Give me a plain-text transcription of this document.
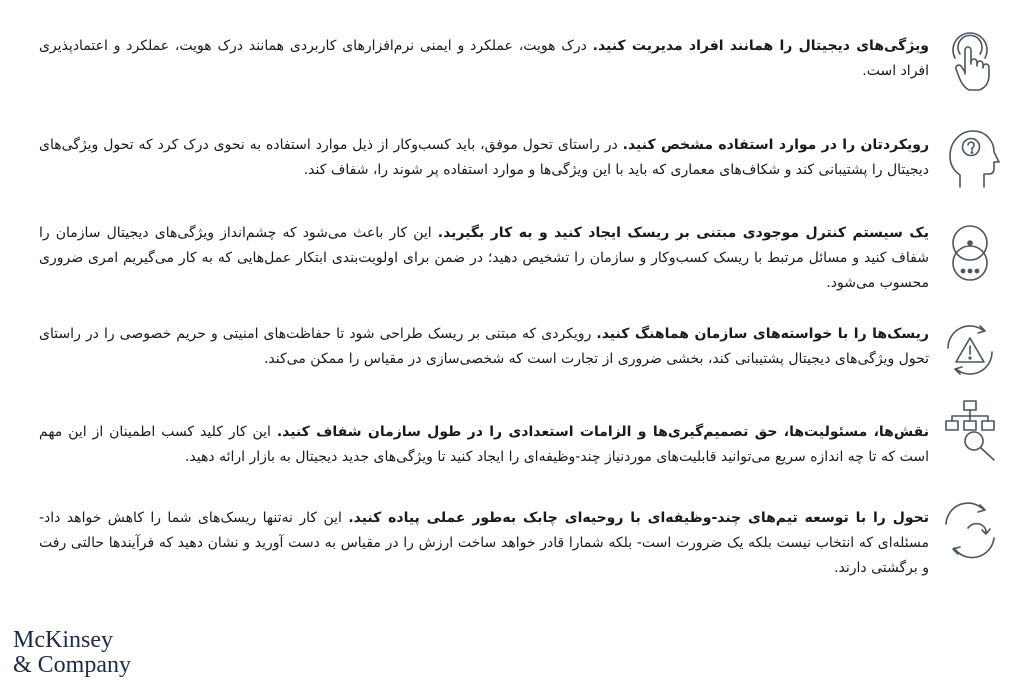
ویژگی‌های دیجیتال را همانند افراد مدیریت کنید. درک هویت، عملکرد و ایمنی نرم‌افزارهای کاربردی همانند درک هویت، عملکرد و اعتمادپذیری افراد است.
رویکردتان را در موارد استفاده مشخص کنید. در راستای تحول موفق، باید کسب‌وکار از ذیل موارد استفاده به نحوی درک کرد که تحول ویژگی‌های دیجیتال را پشتیبانی کند و شکاف‌های معماری که باید با این ویژگی‌ها و موارد استفاده پر شوند را، شفاف کند.
یک سیستم کنترل موجودی مبتنی بر ریسک ایجاد کنید و به کار بگیرید. این کار باعث می‌شود که چشم‌انداز ویژگی‌های دیجیتال سازمان را شفاف کنید و مسائل مرتبط با ریسک کسب‌وکار و سازمان را تشخیص دهید؛ در ضمن برای اولویت‌بندی ابتکار عمل‌هایی که به کار می‌گیریم امری ضروری محسوب می‌شود.
ریسک‌ها را با خواسته‌های سازمان هماهنگ کنید. رویکردی که مبتنی بر ریسک طراحی شود تا حفاظت‌های امنیتی و حریم خصوصی را در راستای تحول ویژگی‌های دیجیتال پشتیبانی کند، بخشی ضروری از تجارت است که شخصی‌سازی در مقیاس را ممکن می‌کند.
نقش‌ها، مسئولیت‌ها، حق تصمیم‌گیری‌ها و الزامات استعدادی را در طول سازمان شفاف کنید. این کار کلید کسب اطمینان از این مهم است که تا چه اندازه سریع می‌توانید قابلیت‌های موردنیاز چند-وظیفه‌ای را ایجاد کنید تا ویژگی‌های جدید دیجیتال به بازار ارائه دهید.
تحول را با توسعه تیم‌های چند-وظیفه‌ای با روحیه‌ای چابک به‌طور عملی پیاده کنید. این کار نه‌تنها ریسک‌های شما را کاهش خواهد داد- مسئله‌ای که انتخاب نیست بلکه یک ضرورت است- بلکه شمارا قادر خواهد ساخت ارزش را در مقیاس به دست آورید و نشان دهید که فرآیندها حالتی رفت و برگشتی دارند.
McKinsey
& Company
